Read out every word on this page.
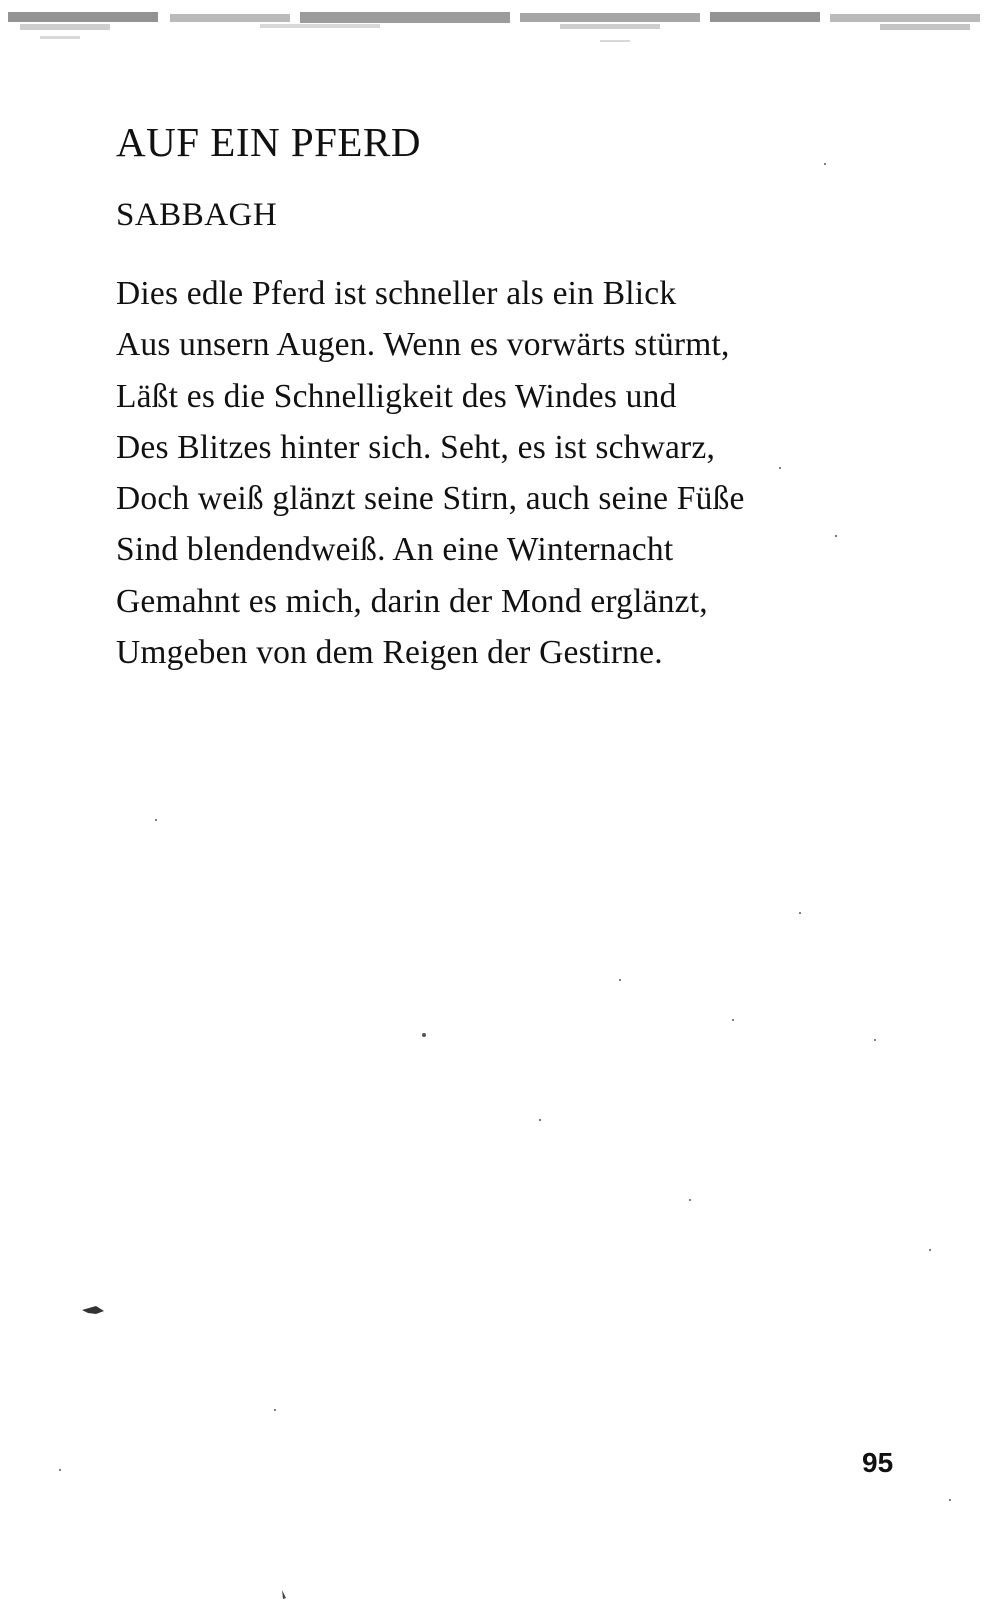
AUF EIN PFERD
SABBAGH
Dies edle Pferd ist schneller als ein Blick
Aus unsern Augen. Wenn es vorwärts stürmt,
Läßt es die Schnelligkeit des Windes und
Des Blitzes hinter sich. Seht, es ist schwarz,
Doch weiß glänzt seine Stirn, auch seine Füße
Sind blendendweiß. An eine Winternacht
Gemahnt es mich, darin der Mond erglänzt,
Umgeben von dem Reigen der Gestirne.
95
